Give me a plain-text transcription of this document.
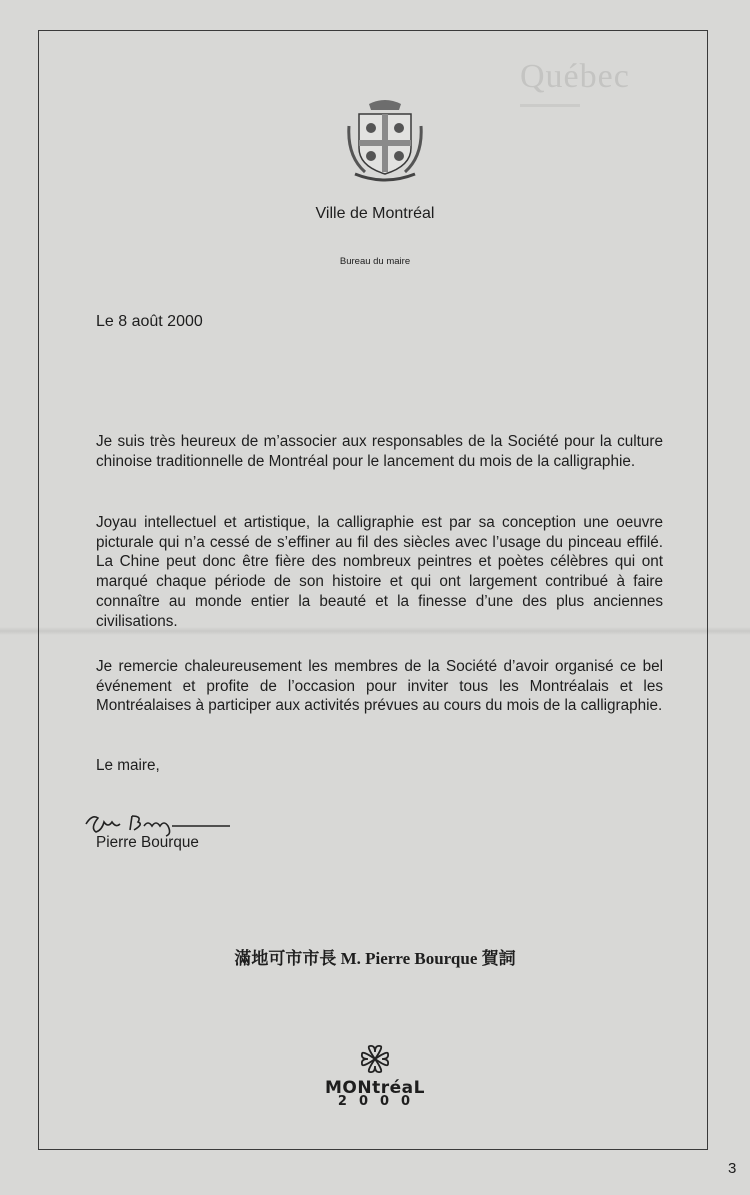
Québec
Ville de Montréal
Bureau du maire
Le 8 août 2000
Je suis très heureux de m’associer aux responsables de la Société pour la culture chinoise traditionnelle de Montréal pour le lancement du mois de la calligraphie.
Joyau intellectuel et artistique, la calligraphie est par sa conception une oeuvre picturale qui n’a cessé de s’effiner au fil des siècles avec l’usage du pinceau effilé. La Chine peut donc être fière des nombreux peintres et poètes célèbres qui ont marqué chaque période de son histoire et qui ont largement contribué à faire connaître au monde entier la beauté et la finesse d’une des plus anciennes civilisations.
Je remercie chaleureusement les membres de la Société d’avoir organisé ce bel événement et profite de l’occasion pour inviter tous les Montréalais et les Montréalaises à participer aux activités prévues au cours du mois de la calligraphie.
Le maire,
Pierre Bourque
滿地可市市長 M. Pierre Bourque 賀詞
MONtréaL
2000
3
